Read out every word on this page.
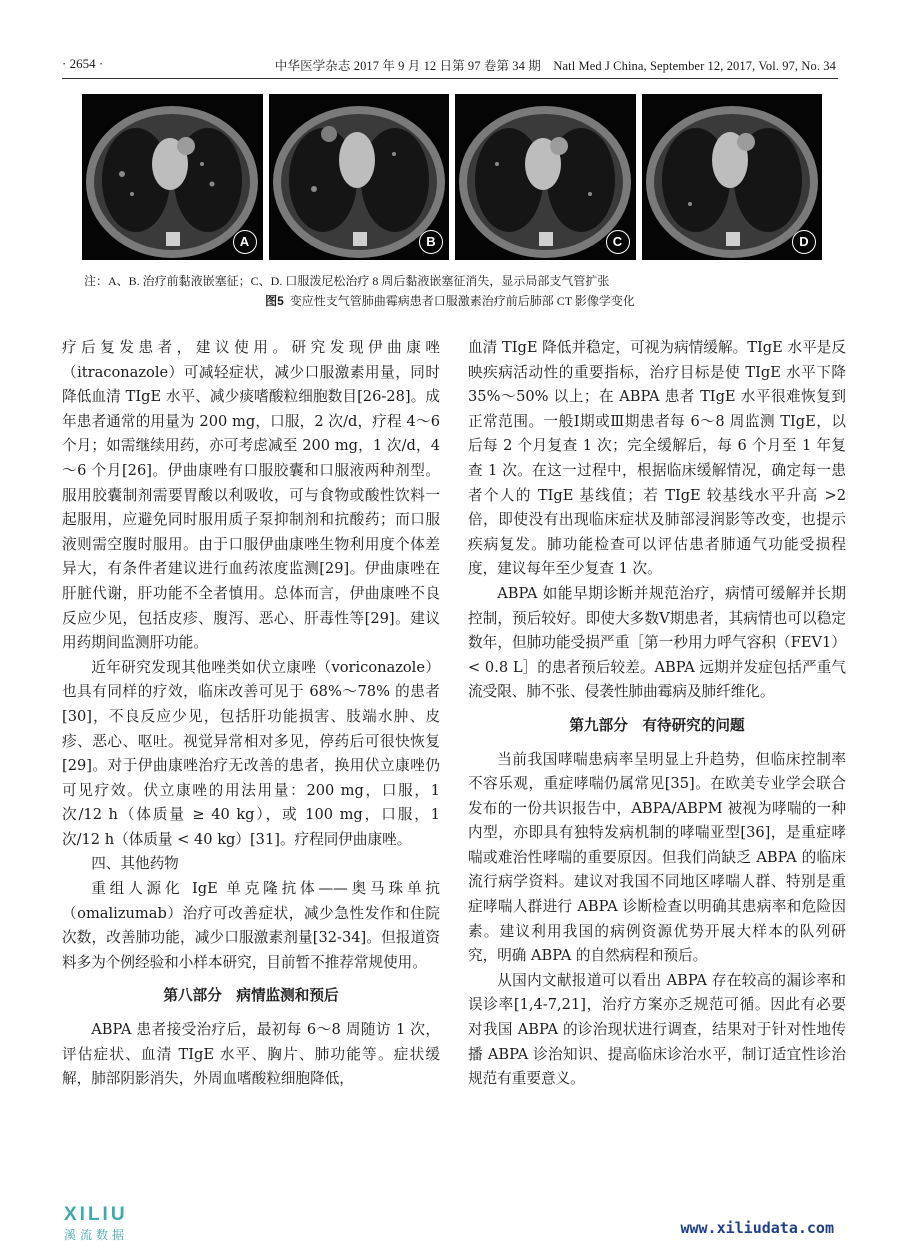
· 2654 ·	中华医学杂志 2017 年 9 月 12 日第 97 卷第 34 期　Natl Med J China, September 12, 2017, Vol. 97, No. 34
A	B	C	D
注：A、B. 治疗前黏液嵌塞征；C、D. 口服泼尼松治疗 8 周后黏液嵌塞征消失，显示局部支气管扩张
图5 变应性支气管肺曲霉病患者口服激素治疗前后肺部 CT 影像学变化

疗后复发患者，建议使用。研究发现伊曲康唑（itraconazole）可减轻症状，减少口服激素用量，同时降低血清 TIgE 水平、减少痰嗜酸粒细胞数目[26-28]。成年患者通常的用量为 200 mg，口服，2 次/d，疗程 4～6 个月；如需继续用药，亦可考虑减至 200 mg，1 次/d，4～6 个月[26]。伊曲康唑有口服胶囊和口服液两种剂型。服用胶囊制剂需要胃酸以利吸收，可与食物或酸性饮料一起服用，应避免同时服用质子泵抑制剂和抗酸药；而口服液则需空腹时服用。由于口服伊曲康唑生物利用度个体差异大，有条件者建议进行血药浓度监测[29]。伊曲康唑在肝脏代谢，肝功能不全者慎用。总体而言，伊曲康唑不良反应少见，包括皮疹、腹泻、恶心、肝毒性等[29]。建议用药期间监测肝功能。

近年研究发现其他唑类如伏立康唑（voriconazole）也具有同样的疗效，临床改善可见于 68%～78% 的患者[30]，不良反应少见，包括肝功能损害、肢端水肿、皮疹、恶心、呕吐。视觉异常相对多见，停药后可很快恢复[29]。对于伊曲康唑治疗无改善的患者，换用伏立康唑仍可见疗效。伏立康唑的用法用量：200 mg，口服，1 次/12 h（体质量 ≥ 40 kg），或 100 mg，口服，1 次/12 h（体质量 < 40 kg）[31]。疗程同伊曲康唑。

四、其他药物

重组人源化 IgE 单克隆抗体——奥马珠单抗（omalizumab）治疗可改善症状，减少急性发作和住院次数，改善肺功能，减少口服激素剂量[32-34]。但报道资料多为个例经验和小样本研究，目前暂不推荐常规使用。

第八部分　病情监测和预后

ABPA 患者接受治疗后，最初每 6～8 周随访 1 次，评估症状、血清 TIgE 水平、胸片、肺功能等。症状缓解，肺部阴影消失，外周血嗜酸粒细胞降低，

血清 TIgE 降低并稳定，可视为病情缓解。TIgE 水平是反映疾病活动性的重要指标，治疗目标是使 TIgE 水平下降 35%～50% 以上；在 ABPA 患者 TIgE 水平很难恢复到正常范围。一般Ⅰ期或Ⅲ期患者每 6～8 周监测 TIgE，以后每 2 个月复查 1 次；完全缓解后，每 6 个月至 1 年复查 1 次。在这一过程中，根据临床缓解情况，确定每一患者个人的 TIgE 基线值；若 TIgE 较基线水平升高 >2 倍，即使没有出现临床症状及肺部浸润影等改变，也提示疾病复发。肺功能检查可以评估患者肺通气功能受损程度，建议每年至少复查 1 次。

ABPA 如能早期诊断并规范治疗，病情可缓解并长期控制，预后较好。即使大多数Ⅴ期患者，其病情也可以稳定数年，但肺功能受损严重［第一秒用力呼气容积（FEV1）< 0.8 L］的患者预后较差。ABPA 远期并发症包括严重气流受限、肺不张、侵袭性肺曲霉病及肺纤维化。

第九部分　有待研究的问题

当前我国哮喘患病率呈明显上升趋势，但临床控制率不容乐观，重症哮喘仍属常见[35]。在欧美专业学会联合发布的一份共识报告中，ABPA/ABPM 被视为哮喘的一种内型，亦即具有独特发病机制的哮喘亚型[36]，是重症哮喘或难治性哮喘的重要原因。但我们尚缺乏 ABPA 的临床流行病学资料。建议对我国不同地区哮喘人群、特别是重症哮喘人群进行 ABPA 诊断检查以明确其患病率和危险因素。建议利用我国的病例资源优势开展大样本的队列研究，明确 ABPA 的自然病程和预后。

从国内文献报道可以看出 ABPA 存在较高的漏诊率和误诊率[1,4-7,21]，治疗方案亦乏规范可循。因此有必要对我国 ABPA 的诊治现状进行调查，结果对于针对性地传播 ABPA 诊治知识、提高临床诊治水平，制订适宜性诊治规范有重要意义。

XILIU
溪流数据	www.xiliudata.com
